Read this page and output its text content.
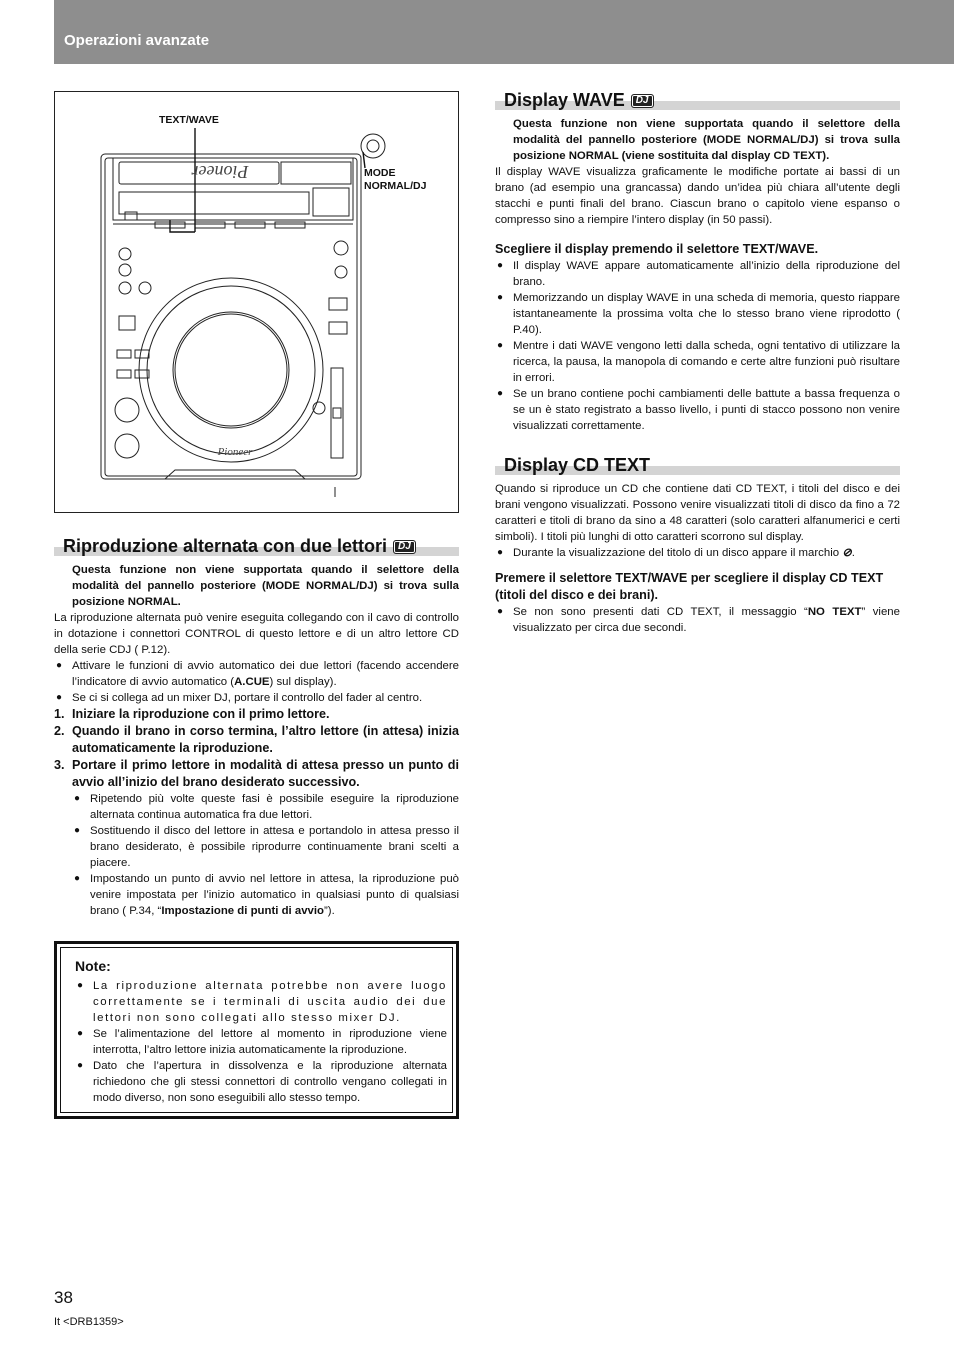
Operazioni avanzate
Pioneer
Pioneer
TEXT/WAVE
MODE
NORMAL/DJ
Riproduzione alternata con due lettori DJ
Questa funzione non viene supportata quando il selettore della modalità del pannello posteriore (MODE NORMAL/DJ) si trova sulla posizione NORMAL.
La riproduzione alternata può venire eseguita collegando con il cavo di controllo in dotazione i connettori CONTROL di questo lettore e di un altro lettore CD della serie CDJ ( P.12).
● Attivare le funzioni di avvio automatico dei due lettori (facendo accendere l’indicatore di avvio automatico (A.CUE) sul display).
● Se ci si collega ad un mixer DJ, portare il controllo del fader al centro.
1. Iniziare la riproduzione con il primo lettore.
2. Quando il brano in corso termina, l’altro lettore (in attesa) inizia automaticamente la riproduzione.
3. Portare il primo lettore in modalità di attesa presso un punto di avvio all’inizio del brano desiderato successivo.
● Ripetendo più volte queste fasi è possibile eseguire la riproduzione alternata continua automatica fra due lettori.
● Sostituendo il disco del lettore in attesa e portandolo in attesa presso il brano desiderato, è possibile riprodurre continuamente brani scelti a piacere.
● Impostando un punto di avvio nel lettore in attesa, la riproduzione può venire impostata per l’inizio automatico in qualsiasi punto di qualsiasi brano ( P.34, “Impostazione di punti di avvio”).
Note:
● La riproduzione alternata potrebbe non avere luogo correttamente se i terminali di uscita audio dei due lettori non sono collegati allo stesso mixer DJ.
● Se l’alimentazione del lettore al momento in riproduzione viene interrotta, l’altro lettore inizia automaticamente la riproduzione.
● Dato che l’apertura in dissolvenza e la riproduzione alternata richiedono che gli stessi connettori di controllo vengano collegati in modo diverso, non sono eseguibili allo stesso tempo.
Display WAVE DJ
Questa funzione non viene supportata quando il selettore della modalità del pannello posteriore (MODE NORMAL/DJ) si trova sulla posizione NORMAL (viene sostituita dal display CD TEXT).
Il display WAVE visualizza graficamente le modifiche portate ai bassi di un brano (ad esempio una grancassa) dando un’idea più chiara all’utente degli stacchi e punti finali del brano. Ciascun brano o capitolo viene espanso o compresso sino a riempire l’intero display (in 50 passi).
Scegliere il display premendo il selettore TEXT/WAVE.
● Il display WAVE appare automaticamente all’inizio della riproduzione del brano.
● Memorizzando un display WAVE in una scheda di memoria, questo riappare istantaneamente la prossima volta che lo stesso brano viene riprodotto ( P.40).
● Mentre i dati WAVE vengono letti dalla scheda, ogni tentativo di utilizzare la ricerca, la pausa, la manopola di comando e certe altre funzioni può risultare in errori.
● Se un brano contiene pochi cambiamenti delle battute a bassa frequenza o se un è stato registrato a basso livello, i punti di stacco possono non venire visualizzati correttamente.
Display CD TEXT
Quando si riproduce un CD che contiene dati CD TEXT, i titoli del disco e dei brani vengono visualizzati. Possono venire visualizzati titoli di disco da fino a 72 caratteri e titoli di brano da sino a 48 caratteri (solo caratteri alfanumerici e certi simboli). I titoli più lunghi di otto caratteri scorrono sul display.
● Durante la visualizzazione del titolo di un disco appare il marchio ⊘.
Premere il selettore TEXT/WAVE per scegliere il display CD TEXT (titoli del disco e dei brani).
● Se non sono presenti dati CD TEXT, il messaggio “NO TEXT” viene visualizzato per circa due secondi.
38
It <DRB1359>
